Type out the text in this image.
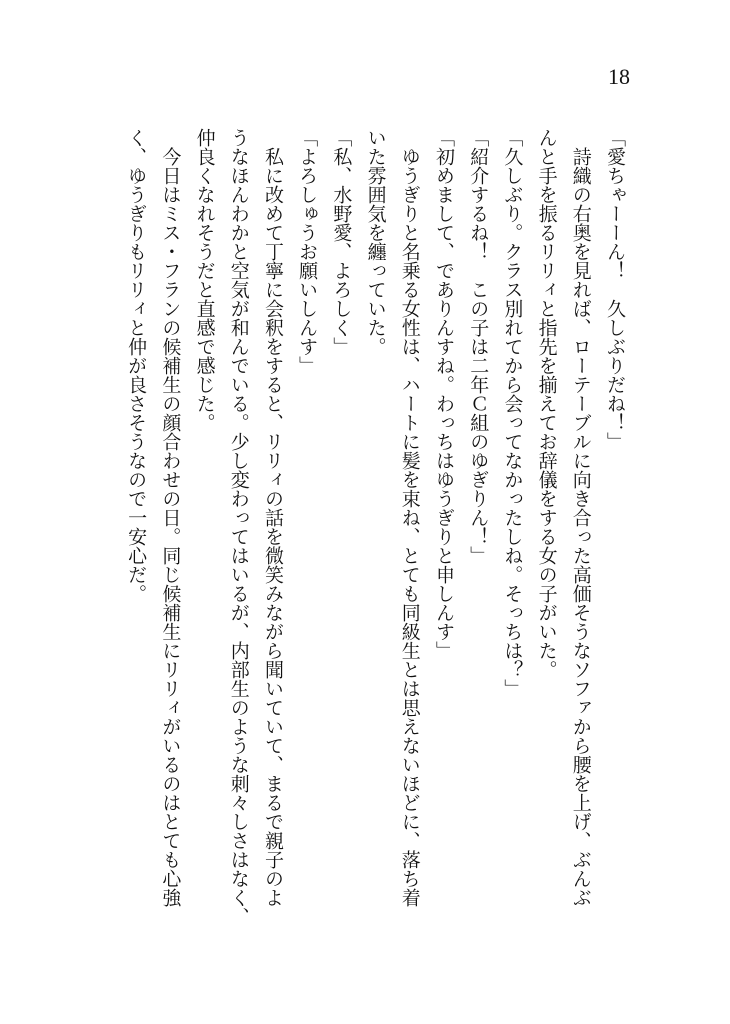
18
「愛ちゃーーん！　久しぶりだね！」
　詩織の右奥を見れば、ローテーブルに向き合った高価そうなソファから腰を上げ、ぶんぶ
んと手を振るリリィと指先を揃えてお辞儀をする女の子がいた。
「久しぶり。クラス別れてから会ってなかったしね。そっちは？」
「紹介するね！　この子は二年Ｃ組のゆぎりん！」
「初めまして、でありんすね。わっちはゆうぎりと申しんす」
　ゆうぎりと名乗る女性は、ハートに髪を束ね、とても同級生とは思えないほどに、落ち着
いた雰囲気を纏っていた。
「私、水野愛、よろしく」
「よろしゅうお願いしんす」
　私に改めて丁寧に会釈をすると、リリィの話を微笑みながら聞いていて、まるで親子のよ
うなほんわかと空気が和んでいる。少し変わってはいるが、内部生のような刺々しさはなく、
仲良くなれそうだと直感で感じた。
　今日はミス・フランの候補生の顔合わせの日。同じ候補生にリリィがいるのはとても心強
く、ゆうぎりもリリィと仲が良さそうなので一安心だ。
